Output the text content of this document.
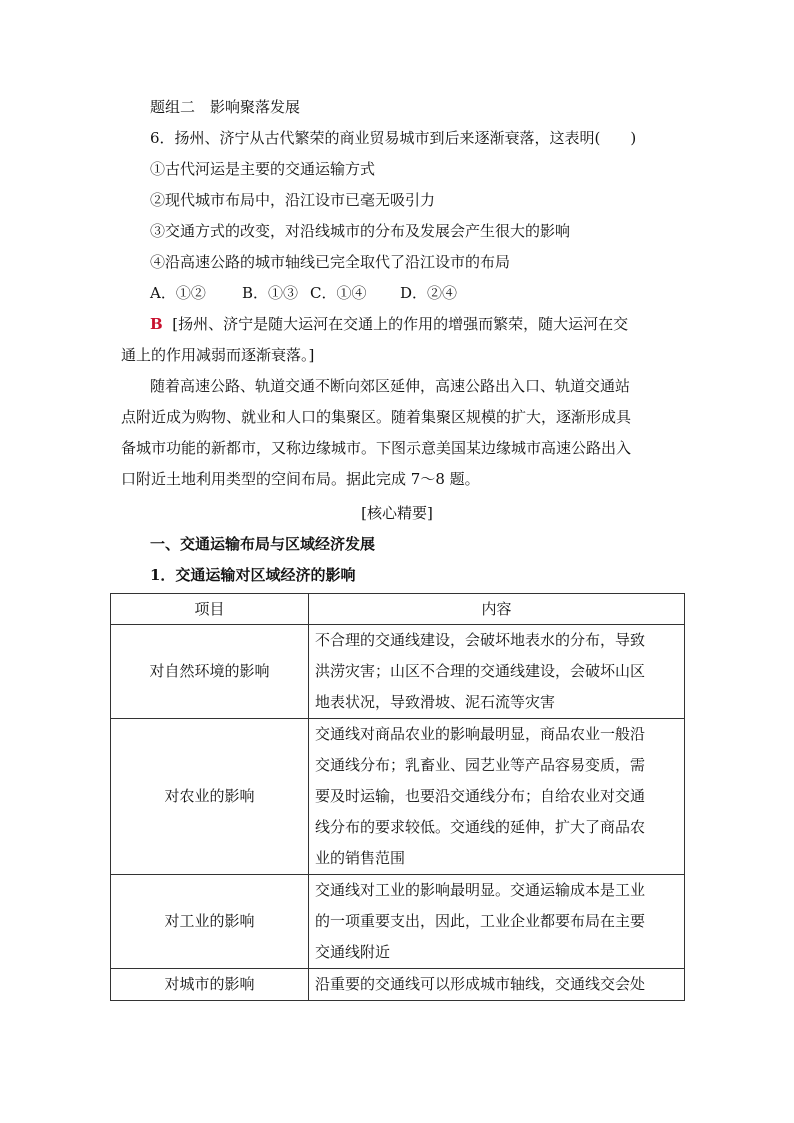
题组二　影响聚落发展
6．扬州、济宁从古代繁荣的商业贸易城市到后来逐渐衰落，这表明(　　)
①古代河运是主要的交通运输方式
②现代城市布局中，沿江设市已毫无吸引力
③交通方式的改变，对沿线城市的分布及发展会产生很大的影响
④沿高速公路的城市轴线已完全取代了沿江设市的布局
A．①② B．①③ C．①④ D．②④
B [扬州、济宁是随大运河在交通上的作用的增强而繁荣，随大运河在交
通上的作用减弱而逐渐衰落。]
随着高速公路、轨道交通不断向郊区延伸，高速公路出入口、轨道交通站
点附近成为购物、就业和人口的集聚区。随着集聚区规模的扩大，逐渐形成具
备城市功能的新都市，又称边缘城市。下图示意美国某边缘城市高速公路出入
口附近土地利用类型的空间布局。据此完成 7～8 题。
[核心精要]
一、交通运输布局与区域经济发展
1．交通运输对区域经济的影响
项目	内容
对自然环境的影响	不合理的交通线建设，会破坏地表水的分布，导致
洪涝灾害；山区不合理的交通线建设，会破坏山区
地表状况，导致滑坡、泥石流等灾害

对农业的影响	交通线对商品农业的影响最明显，商品农业一般沿
交通线分布；乳畜业、园艺业等产品容易变质，需
要及时运输，也要沿交通线分布；自给农业对交通
线分布的要求较低。交通线的延伸，扩大了商品农
业的销售范围

对工业的影响	交通线对工业的影响最明显。交通运输成本是工业
的一项重要支出，因此，工业企业都要布局在主要
交通线附近

对城市的影响	沿重要的交通线可以形成城市轴线，交通线交会处
